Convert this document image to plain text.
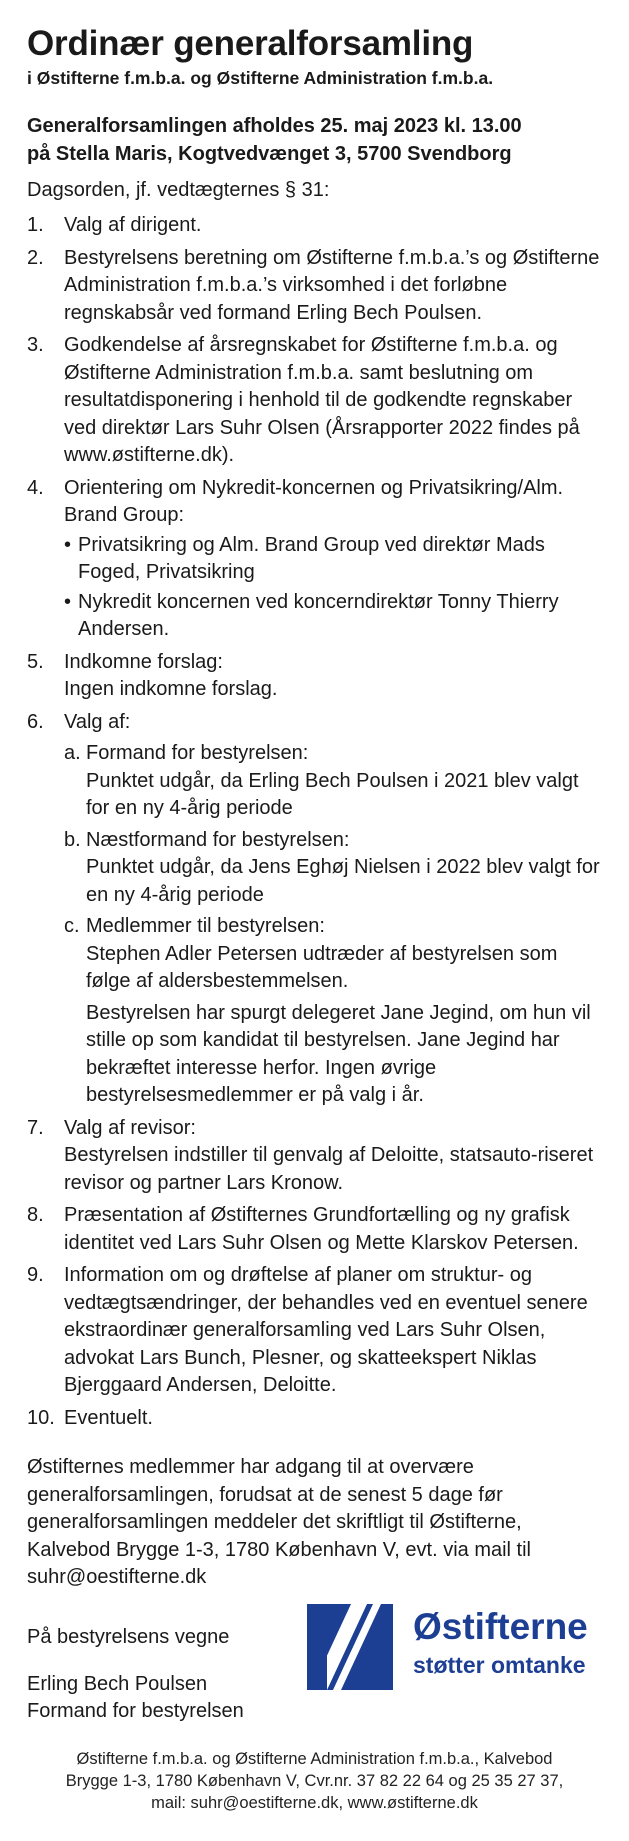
Ordinær generalforsamling

i Østifterne f.m.b.a. og Østifterne Administration f.m.b.a.

Generalforsamlingen afholdes 25. maj 2023 kl. 13.00
på Stella Maris, Kogtvedvænget 3, 5700 Svendborg

Dagsorden, jf. vedtægternes § 31:

1.	Valg af dirigent.
2.	Bestyrelsens beretning om Østifterne f.m.b.a.’s og Østifterne Administration f.m.b.a.’s virksomhed i det forløbne regnskabsår ved formand Erling Bech Poulsen.
3.	Godkendelse af årsregnskabet for Østifterne f.m.b.a. og Østifterne Administration f.m.b.a. samt beslutning om resultatdisponering i henhold til de godkendte regnskaber ved direktør Lars Suhr Olsen (Årsrapporter 2022 findes på www.østifterne.dk).
4.	Orientering om Nykredit-koncernen og Privatsikring/Alm. Brand Group:
• Privatsikring og Alm. Brand Group ved direktør Mads Foged, Privatsikring
• Nykredit koncernen ved koncerndirektør Tonny Thierry Andersen.
5.	Indkomne forslag:
Ingen indkomne forslag.
6.	Valg af:
a. Formand for bestyrelsen:
Punktet udgår, da Erling Bech Poulsen i 2021 blev valgt for en ny 4-årig periode
b. Næstformand for bestyrelsen:
Punktet udgår, da Jens Eghøj Nielsen i 2022 blev valgt for en ny 4-årig periode
c. Medlemmer til bestyrelsen:
Stephen Adler Petersen udtræder af bestyrelsen som følge af aldersbestemmelsen.
Bestyrelsen har spurgt delegeret Jane Jegind, om hun vil stille op som kandidat til bestyrelsen. Jane Jegind har bekræftet interesse herfor. Ingen øvrige bestyrelsesmedlemmer er på valg i år.
7.	Valg af revisor:
Bestyrelsen indstiller til genvalg af Deloitte, statsauto-riseret revisor og partner Lars Kronow.
8.	Præsentation af Østifternes Grundfortælling og ny grafisk identitet ved Lars Suhr Olsen og Mette Klarskov Petersen.
9.	Information om og drøftelse af planer om struktur- og vedtægtsændringer, der behandles ved en eventuel senere ekstraordinær generalforsamling ved Lars Suhr Olsen, advokat Lars Bunch, Plesner, og skatteekspert Niklas Bjerggaard Andersen, Deloitte.
10. Eventuelt.

Østifternes medlemmer har adgang til at overvære generalforsamlingen, forudsat at de senest 5 dage før generalforsamlingen meddeler det skriftligt til Østifterne, Kalvebod Brygge 1-3, 1780 København V, evt. via mail til suhr@oestifterne.dk

På bestyrelsens vegne
Erling Bech Poulsen
Formand for bestyrelsen
Østifterne
støtter omtanke
Østifterne f.m.b.a. og Østifterne Administration f.m.b.a., Kalvebod
Brygge 1-3, 1780 København V, Cvr.nr. 37 82 22 64 og 25 35 27 37,
mail: suhr@oestifterne.dk, www.østifterne.dk
